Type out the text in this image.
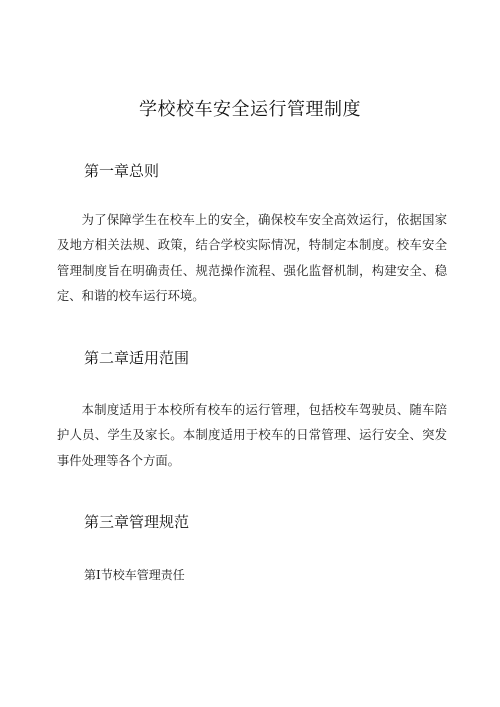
学校校车安全运行管理制度
第一章总则

为了保障学生在校车上的安全，确保校车安全高效运行，依据国家及地方相关法规、政策，结合学校实际情况，特制定本制度。校车安全管理制度旨在明确责任、规范操作流程、强化监督机制，构建安全、稳定、和谐的校车运行环境。

第二章适用范围

本制度适用于本校所有校车的运行管理，包括校车驾驶员、随车陪护人员、学生及家长。本制度适用于校车的日常管理、运行安全、突发事件处理等各个方面。

第三章管理规范

第I节校车管理责任
